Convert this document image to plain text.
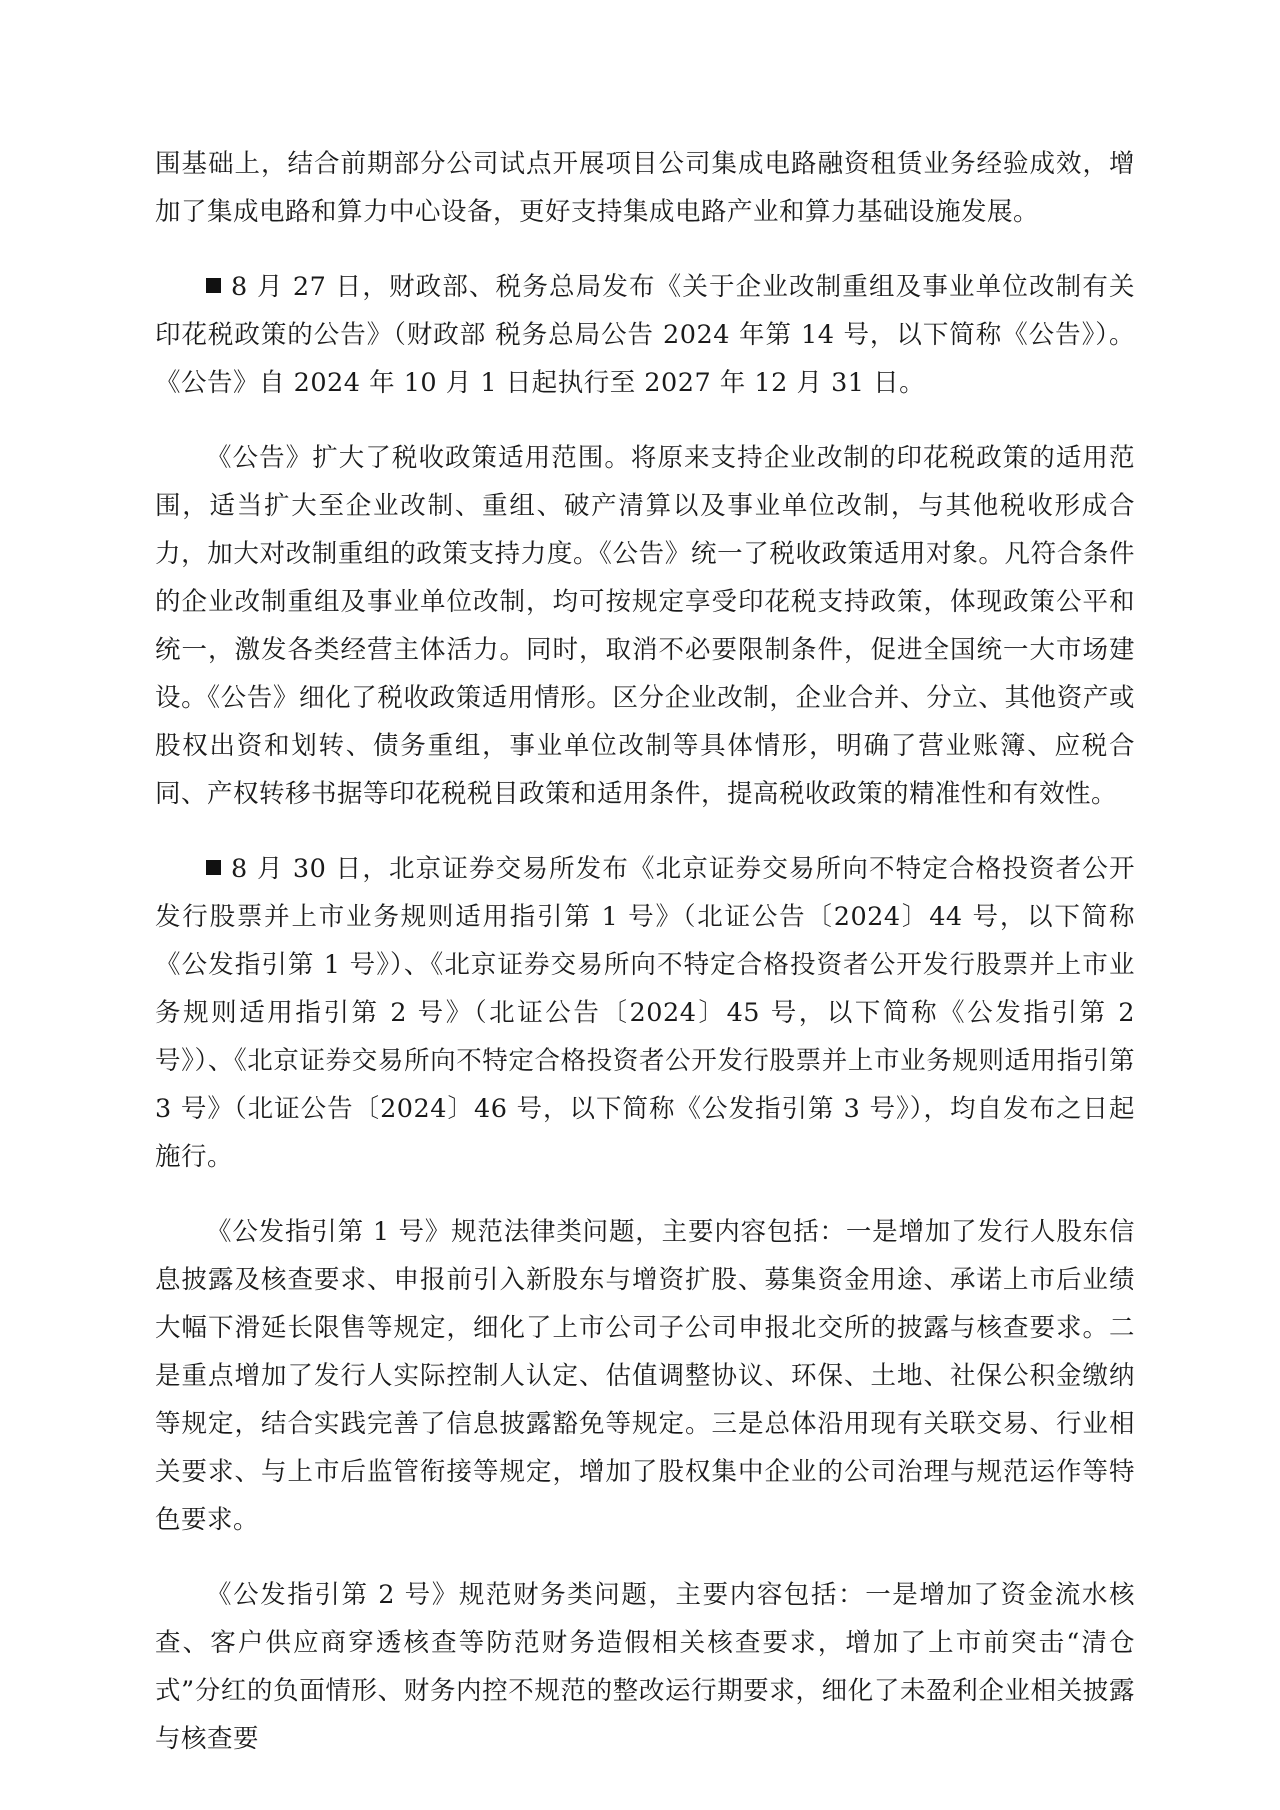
围基础上，结合前期部分公司试点开展项目公司集成电路融资租赁业务经验成效，增加了集成电路和算力中心设备，更好支持集成电路产业和算力基础设施发展。

8 月 27 日，财政部、税务总局发布《关于企业改制重组及事业单位改制有关印花税政策的公告》（财政部 税务总局公告 2024 年第 14 号，以下简称《公告》）。《公告》自 2024 年 10 月 1 日起执行至 2027 年 12 月 31 日。

《公告》扩大了税收政策适用范围。将原来支持企业改制的印花税政策的适用范围，适当扩大至企业改制、重组、破产清算以及事业单位改制，与其他税收形成合力，加大对改制重组的政策支持力度。《公告》统一了税收政策适用对象。凡符合条件的企业改制重组及事业单位改制，均可按规定享受印花税支持政策，体现政策公平和统一，激发各类经营主体活力。同时，取消不必要限制条件，促进全国统一大市场建设。《公告》细化了税收政策适用情形。区分企业改制，企业合并、分立、其他资产或股权出资和划转、债务重组，事业单位改制等具体情形，明确了营业账簿、应税合同、产权转移书据等印花税税目政策和适用条件，提高税收政策的精准性和有效性。

8 月 30 日，北京证券交易所发布《北京证券交易所向不特定合格投资者公开发行股票并上市业务规则适用指引第 1 号》（北证公告〔2024〕44 号，以下简称《公发指引第 1 号》）、《北京证券交易所向不特定合格投资者公开发行股票并上市业务规则适用指引第 2 号》（北证公告〔2024〕45 号，以下简称《公发指引第 2 号》）、《北京证券交易所向不特定合格投资者公开发行股票并上市业务规则适用指引第 3 号》（北证公告〔2024〕46 号，以下简称《公发指引第 3 号》），均自发布之日起施行。

《公发指引第 1 号》规范法律类问题，主要内容包括：一是增加了发行人股东信息披露及核查要求、申报前引入新股东与增资扩股、募集资金用途、承诺上市后业绩大幅下滑延长限售等规定，细化了上市公司子公司申报北交所的披露与核查要求。二是重点增加了发行人实际控制人认定、估值调整协议、环保、土地、社保公积金缴纳等规定，结合实践完善了信息披露豁免等规定。三是总体沿用现有关联交易、行业相关要求、与上市后监管衔接等规定，增加了股权集中企业的公司治理与规范运作等特色要求。

《公发指引第 2 号》规范财务类问题，主要内容包括：一是增加了资金流水核查、客户供应商穿透核查等防范财务造假相关核查要求，增加了上市前突击“清仓式”分红的负面情形、财务内控不规范的整改运行期要求，细化了未盈利企业相关披露与核查要
